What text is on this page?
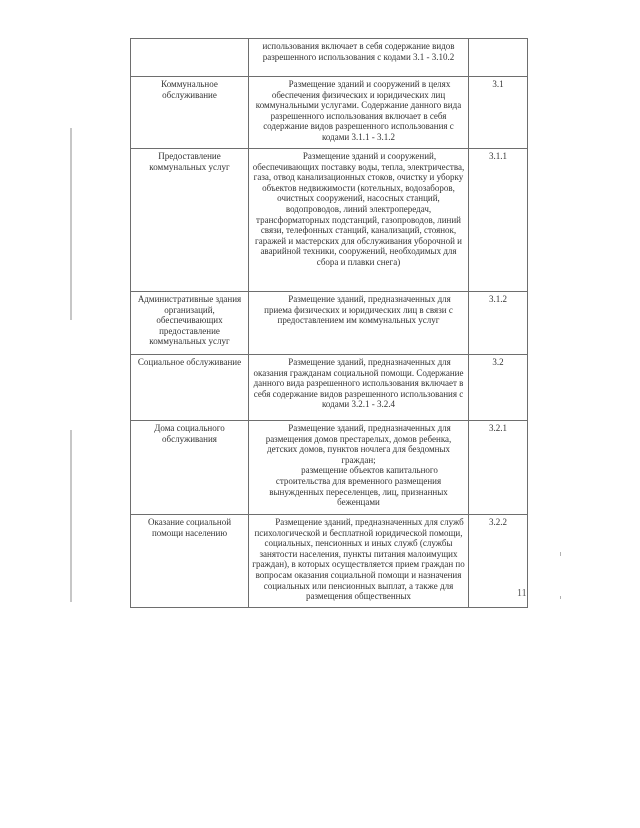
	использования включает в себя содержание видов разрешенного использования с кодами 3.1 - 3.10.2	

Коммунальное обслуживание	Размещение зданий и сооружений в целях обеспечения физических и юридических лиц коммунальными услугами. Содержание данного вида разрешенного использования включает в себя содержание видов разрешенного использования с кодами 3.1.1 - 3.1.2	3.1
Предоставление коммунальных услуг	Размещение зданий и сооружений, обеспечивающих поставку воды, тепла, электричества, газа, отвод канализационных стоков, очистку и уборку объектов недвижимости (котельных, водозаборов, очистных сооружений, насосных станций, водопроводов, линий электропередач, трансформаторных подстанций, газопроводов, линий связи, телефонных станций, канализаций, стоянок, гаражей и мастерских для обслуживания уборочной и аварийной техники, сооружений, необходимых для сбора и плавки снега)	3.1.1
Административные здания организаций, обеспечивающих предоставление коммунальных услуг	Размещение зданий, предназначенных для приема физических и юридических лиц в связи с предоставлением им коммунальных услуг	3.1.2
Социальное обслуживание	Размещение зданий, предназначенных для оказания гражданам социальной помощи. Содержание данного вида разрешенного использования включает в себя содержание видов разрешенного использования с кодами 3.2.1 - 3.2.4	3.2
Дома социального обслуживания	Размещение зданий, предназначенных для размещения домов престарелых, домов ребенка, детских домов, пунктов ночлега для бездомных граждан;
размещение объектов капитального строительства для временного размещения вынужденных переселенцев, лиц, признанных беженцами	3.2.1
Оказание социальной помощи населению	Размещение зданий, предназначенных для служб психологической и бесплатной юридической помощи, социальных, пенсионных и иных служб (службы занятости населения, пункты питания малоимущих граждан), в которых осуществляется прием граждан по вопросам оказания социальной помощи и назначения социальных или пенсионных выплат, а также для размещения общественных	3.2.2
11
